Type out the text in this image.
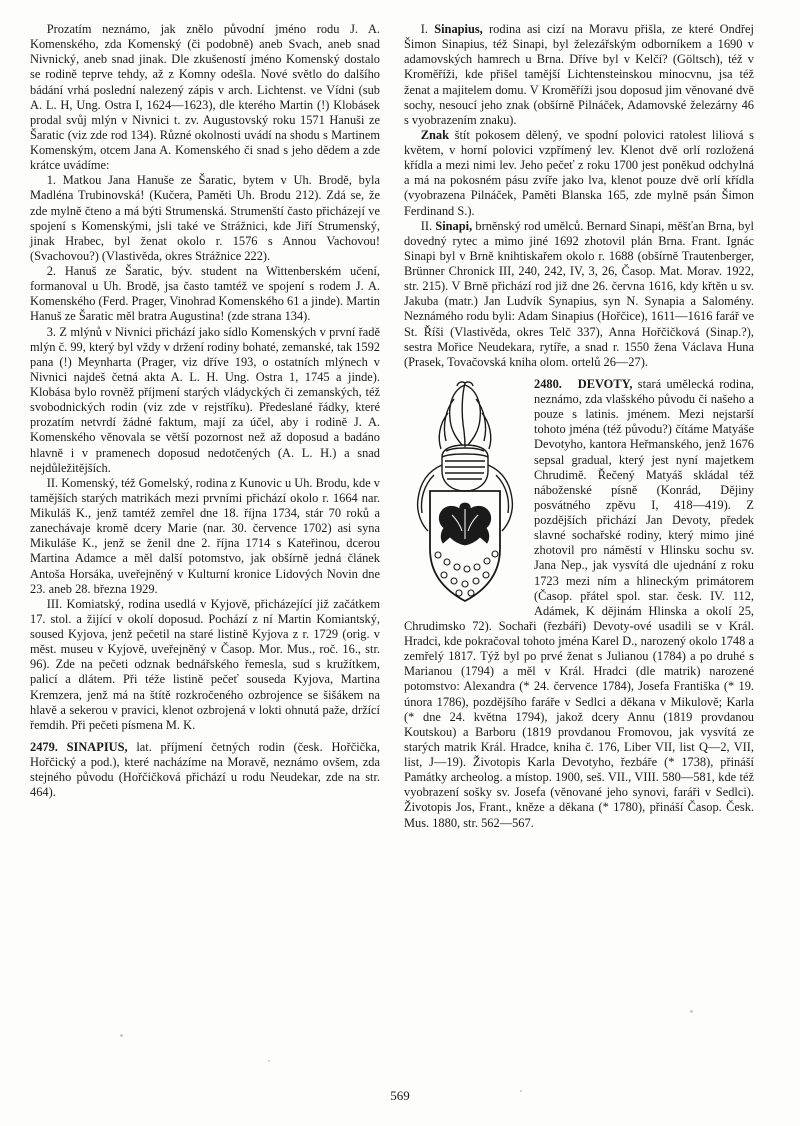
Prozatím neznámo, jak znělo původní jméno rodu J. A. Komenského, zda Komenský (či podobně) aneb Svach, aneb snad Nivnický, aneb snad jinak. Dle zkušeností jméno Komenský dostalo se rodině teprve tehdy, až z Komny odešla. Nové světlo do dalšího bádání vrhá poslední nalezený zápis v arch. Lichtenst. ve Vídni (sub A. L. H, Ung. Ostra I, 1624—1623), dle kterého Martin (!) Klobásek prodal svůj mlýn v Nivnici t. zv. Augustovský roku 1571 Hanuši ze Šaratic (viz zde rod 134). Různé okolnosti uvádí na shodu s Martinem Komenským, otcem Jana A. Komenského či snad s jeho dědem a zde krátce uvádíme:

1. Matkou Jana Hanuše ze Šaratic, bytem v Uh. Brodě, byla Madléna Trubinovská! (Kučera, Paměti Uh. Brodu 212). Zdá se, že zde mylně čteno a má býti Strumenská. Strumenští často přicházejí ve spojení s Komenskými, jsli také ve Strážnici, kde Jiří Strumenský, jinak Hrabec, byl ženat okolo r. 1576 s Annou Vachovou! (Svachovou?) (Vlastivěda, okres Strážnice 222).

2. Hanuš ze Šaratic, býv. student na Wittenberském učení, formanoval u Uh. Brodě, jsa často tamtéž ve spojení s rodem J. A. Komenského (Ferd. Prager, Vinohrad Komenského 61 a jinde). Martin Hanuš ze Šaratic měl bratra Augustina! (zde strana 134).

3. Z mlýnů v Nivnici přichází jako sídlo Komenských v první řadě mlýn č. 99, který byl vždy v držení rodiny bohaté, zemanské, tak 1592 pana (!) Meynharta (Prager, viz dříve 193, o ostatních mlýnech v Nivnici najdeš četná akta A. L. H. Ung. Ostra 1, 1745 a jinde). Klobása bylo rovněž příjmení starých vládyckých či zemanských, též svobodnických rodin (viz zde v rejstříku). Předeslané řádky, které prozatím netvrdí žádné faktum, mají za účel, aby i rodině J. A. Komenského věnovala se větší pozornost než až doposud a badáno hlavně i v pramenech doposud nedotčených (A. L. H.) a snad nejdůležitějších.

II. Komenský, též Gomelský, rodina z Kunovic u Uh. Brodu, kde v tamějších starých matrikách mezi prvními přichází okolo r. 1664 nar. Mikuláš K., jenž tamtéž zemřel dne 18. října 1734, stár 70 roků a zanechávaje kromě dcery Marie (nar. 30. července 1702) asi syna Mikuláše K., jenž se ženil dne 2. října 1714 s Kateřinou, dcerou Martina Adamce a měl další potomstvo, jak obšírně jedná článek Antoša Horsáka, uveřejněný v Kulturní kronice Lidových Novin dne 23. aneb 28. března 1929.

III. Komiatský, rodina usedlá v Kyjově, přicházející již začátkem 17. stol. a žijící v okolí doposud. Pochází z ní Martin Komiantský, soused Kyjova, jenž pečetil na staré listině Kyjova z r. 1729 (orig. v měst. museu v Kyjově, uveřejněný v Časop. Mor. Mus., roč. 16., str. 96). Zde na pečeti odznak bednářského řemesla, sud s kružítkem, palicí a dlátem. Při téže listině pečeť souseda Kyjova, Martina Kremzera, jenž má na štítě rozkročeného ozbrojence se šišákem na hlavě a sekerou v pravici, klenot ozbrojená v lokti ohnutá paže, držící řemdih. Při pečeti písmena M. K.

2479. SINAPIUS, lat. příjmení četných rodin (česk. Hořčička, Hořčický a pod.), které nacházíme na Moravě, neznámo ovšem, zda stejného původu (Hořčičková přichází u rodu Neudekar, zde na str. 464).

I. Sinapius, rodina asi cizí na Moravu přišla, ze které Ondřej Šimon Sinapius, též Sinapi, byl železářským odborníkem a 1690 v adamovských hamrech u Brna. Dříve byl v Kelčí? (Göltsch), též v Kroměříži, kde přišel tamější Lichtensteinskou minocvnu, jsa též ženat a majitelem domu. V Kroměříži jsou doposud jim věnované dvě sochy, nesoucí jeho znak (obšírně Pilnáček, Adamovské železárny 46 s vyobrazením znaku).

Znak štít pokosem dělený, ve spodní polovici ratolest liliová s květem, v horní polovici vzpřímený lev. Klenot dvě orlí rozložená křídla a mezi nimi lev. Jeho pečeť z roku 1700 jest poněkud odchylná a má na pokosném pásu zvíře jako lva, klenot pouze dvě orlí křídla (vyobrazena Pilnáček, Paměti Blanska 165, zde mylně psán Šimon Ferdinand S.).

II. Sinapi, brněnský rod umělců. Bernard Sinapi, měšťan Brna, byl dovedný rytec a mimo jiné 1692 zhotovil plán Brna. Frant. Ignác Sinapi byl v Brně knihtiskařem okolo r. 1688 (obšírně Trautenberger, Brünner Chronick III, 240, 242, IV, 3, 26, Časop. Mat. Morav. 1922, str. 215). V Brně přichází rod již dne 26. června 1616, kdy křtěn u sv. Jakuba (matr.) Jan Ludvík Synapius, syn N. Synapia a Salomény. Neznámého rodu byli: Adam Sinapius (Hořčice), 1611—1616 farář ve St. Říši (Vlastivěda, okres Telč 337), Anna Hořčičková (Sinap.?), sestra Mořice Neudekara, rytíře, a snad r. 1550 žena Václava Huna (Prasek, Tovačovská kniha olom. ortelů 26—27).

2480. DEVOTY, stará umělecká rodina, neznámo, zda vlašského původu či našeho a pouze s latinis. jménem. Mezi nejstarší tohoto jména (též původu?) čítáme Matyáše Devotyho, kantora Heřmanského, jenž 1676 sepsal gradual, který jest nyní majetkem Chrudimě. Řečený Matyáš skládal též náboženské písně (Konrád, Dějiny posvátného zpěvu I, 418—419). Z pozdějších přichází Jan Devoty, předek slavné sochařské rodiny, který mimo jiné zhotovil pro náměstí v Hlinsku sochu sv. Jana Nep., jak vysvítá dle ujednání z roku 1723 mezi ním a hlineckým primátorem (Časop. přátel spol. star. česk. IV. 112, Adámek, K dějinám Hlinska a okolí 25, Chrudimsko 72). Sochaři (řezbáři) Devoty-ové usadili se v Král. Hradci, kde pokračoval tohoto jména Karel D., narozený okolo 1748 a zemřelý 1817. Týž byl po prvé ženat s Julianou (1784) a po druhé s Marianou (1794) a měl v Král. Hradci (dle matrik) narozené potomstvo: Alexandra (* 24. července 1784), Josefa Františka (* 19. února 1786), pozdějšího faráře v Sedlci a děkana v Mikulově; Karla (* dne 24. května 1794), jakož dcery Annu (1819 provdanou Koutskou) a Barboru (1819 provdanou Fromovou, jak vysvítá ze starých matrik Král. Hradce, kniha č. 176, Liber VII, list Q—2, VII, list, J—19). Životopis Karla Devotyho, řezbáře (* 1738), přináší Památky archeolog. a místop. 1900, seš. VII., VIII. 580—581, kde též vyobrazení sošky sv. Josefa (věnované jeho synovi, faráři v Sedlci). Životopis Jos, Frant., kněze a děkana (* 1780), přináší Časop. Česk. Mus. 1880, str. 562—567.

569
